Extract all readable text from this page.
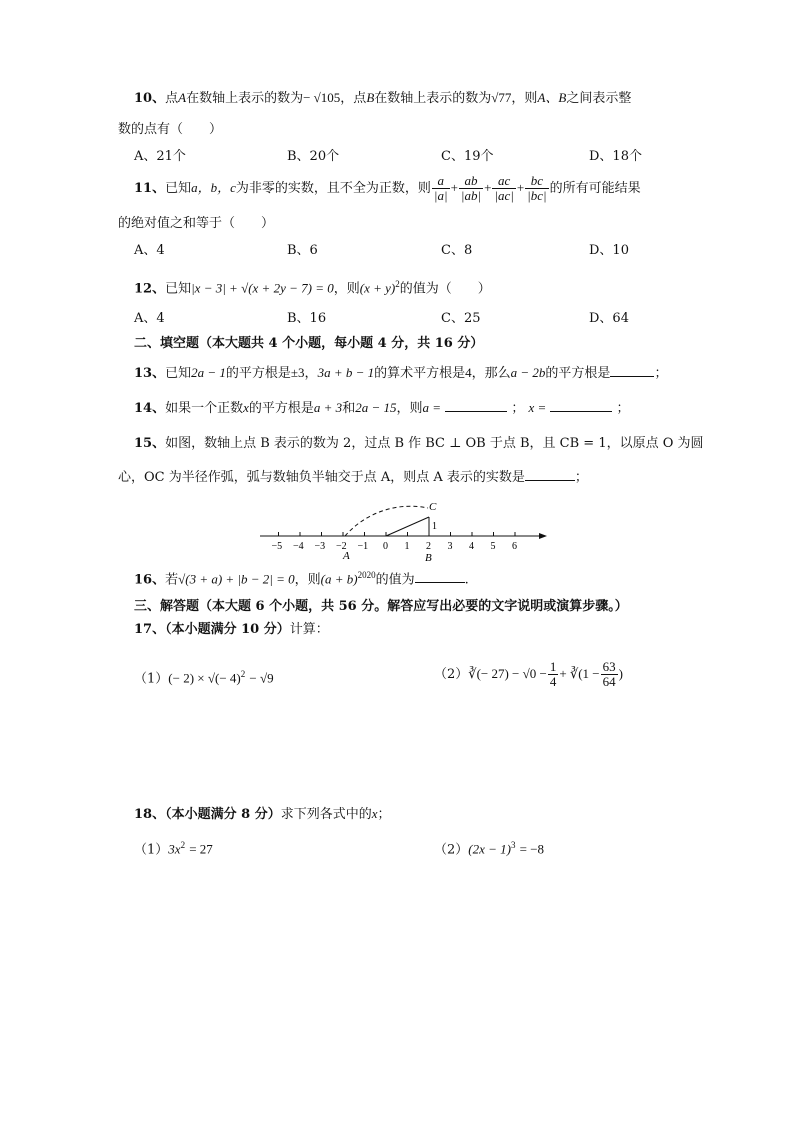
10、点A在数轴上表示的数为− √105，点B在数轴上表示的数为√77，则A、B之间表示整
数的点有（　　）
A、21个	B、20个	C、19个	D、18个
11、已知a，b，c为非零的实数，且不全为正数，则 $\frac{a}{|a|} + \frac{ab}{|ab|} + \frac{ac}{|ac|} + \frac{bc}{|bc|}$ 的所有可能结果
的绝对值之和等于（　　）
A、4	B、6	C、8	D、10
12、已知|x − 3| + √(x + 2y − 7) = 0，则$(x + y)^2$的值为（　　）
A、4	B、16	C、25	D、64
二、填空题（本大题共 4 个小题，每小题 4 分，共 16 分）
13、已知2a − 1的平方根是±3，3a + b − 1的算术平方根是4，那么a − 2b的平方根是	；
14、如果一个正数x的平方根是a + 3和2a − 15，则a =	； x =	；
15、如图，数轴上点 B 表示的数为 2，过点 B 作 BC ⊥ OB 于点 B，且 CB = 1，以原点 O 为圆
心，OC 为半径作弧，弧与数轴负半轴交于点 A，则点 A 表示的实数是	；
−5 −4 −3 −2 −1 0 1 2 3 4 5 6
C
1
A	B
16、若√(3 + a) + |b − 2| = 0，则$(a + b)^{2020}$的值为	.
三、解答题（本大题 6 个小题，共 56 分。解答应写出必要的文字说明或演算步骤。）
17、（本小题满分 10 分）计算：
（1）(− 2) × √(− 4)$^2$ − √9	（2）∛(− $27) - √0 - \frac{1}{4}$ + ∛(1 − $\frac{63}{64}$ )
18、（本小题满分 8 分）求下列各式中的x；
$(1)3x^2 = 27$	$(2)(2x - 1)^3 = -8$
